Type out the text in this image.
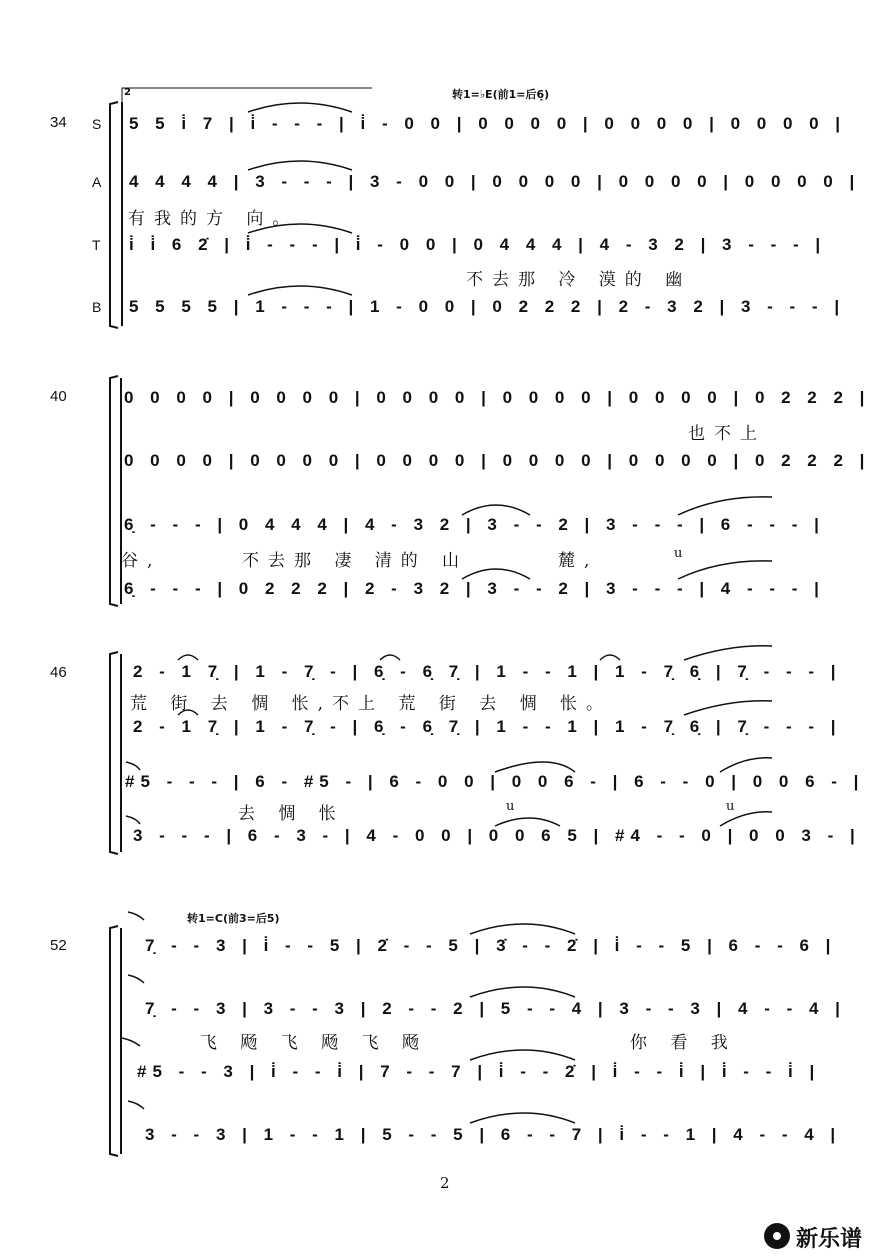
34
转1=♭E(前1=后6̣)
2
S
A
T
B
5 5 i̇ 7 | i̇ - - - | i̇ - 0 0 | 0 0 0 0 | 0 0 0 0 | 0 0 0 0 |
4 4 4 4 | 3 - - - | 3 - 0 0 | 0 0 0 0 | 0 0 0 0 | 0 0 0 0 |
i̇ i̇ 6 2̇ | i̇ - - - | i̇ - 0 0 | 0 4 4 4 | 4 - 3 2 | 3 - - - |
5 5 5 5 | 1 - - - | 1 - 0 0 | 0 2 2 2 | 2 - 3 2 | 3 - - - |
有我的方 向。
不去那 冷 漠的 幽
40	0 0 0 0 | 0 0 0 0 | 0 0 0 0 | 0 0 0 0 | 0 0 0 0 | 0 2 2 2 |
0 0 0 0 | 0 0 0 0 | 0 0 0 0 | 0 0 0 0 | 0 0 0 0 | 0 2 2 2 |
6̣ - - - | 0 4 4 4 | 4 - 3 2 | 3 - - 2 | 3 - - - | 6 - - - |
6̣ - - - | 0 2 2 2 | 2 - 3 2 | 3 - - 2 | 3 - - - | 4 - - - |
也不上
谷,	不去那 凄 清的 山	麓,	u
46	2 - 1 7̣ | 1 - 7̣ - | 6̣ - 6̣ 7̣ | 1 - - 1 | 1 - 7̣ 6̣ | 7̣ - - - |
2 - 1 7̣ | 1 - 7̣ - | 6̣ - 6̣ 7̣ | 1 - - 1 | 1 - 7̣ 6̣ | 7̣ - - - |
#5 - - - | 6 - #5 - | 6 - 0 0 | 0 0 6 - | 6 - - 0 | 0 0 6 - |
3 - - - | 6 - 3 - | 4 - 0 0 | 0 0 6 5 | #4 - - 0 | 0 0 3 - |
荒 街 去 惆 怅,不上 荒 街 去 惆 怅。
去 惆 怅	u	u
52
转1=C(前3=后5)
7̣ - - 3 | i̇ - - 5 | 2̇ - - 5 | 3̇ - - 2̇ | i̇ - - 5 | 6 - - 6 |
7̣ - - 3 | 3 - - 3 | 2 - - 2 | 5 - - 4 | 3 - - 3 | 4 - - 4 |
#5 - - 3 | i̇ - - i̇ | 7 - - 7 | i̇ - - 2̇ | i̇ - - i̇ | i̇ - - i̇ |
3 - - 3 | 1 - - 1 | 5 - - 5 | 6 - - 7 | i̇ - - 1 | 4 - - 4 |
飞 飏 飞 飏 飞 飏	你 看 我
2
新乐谱
